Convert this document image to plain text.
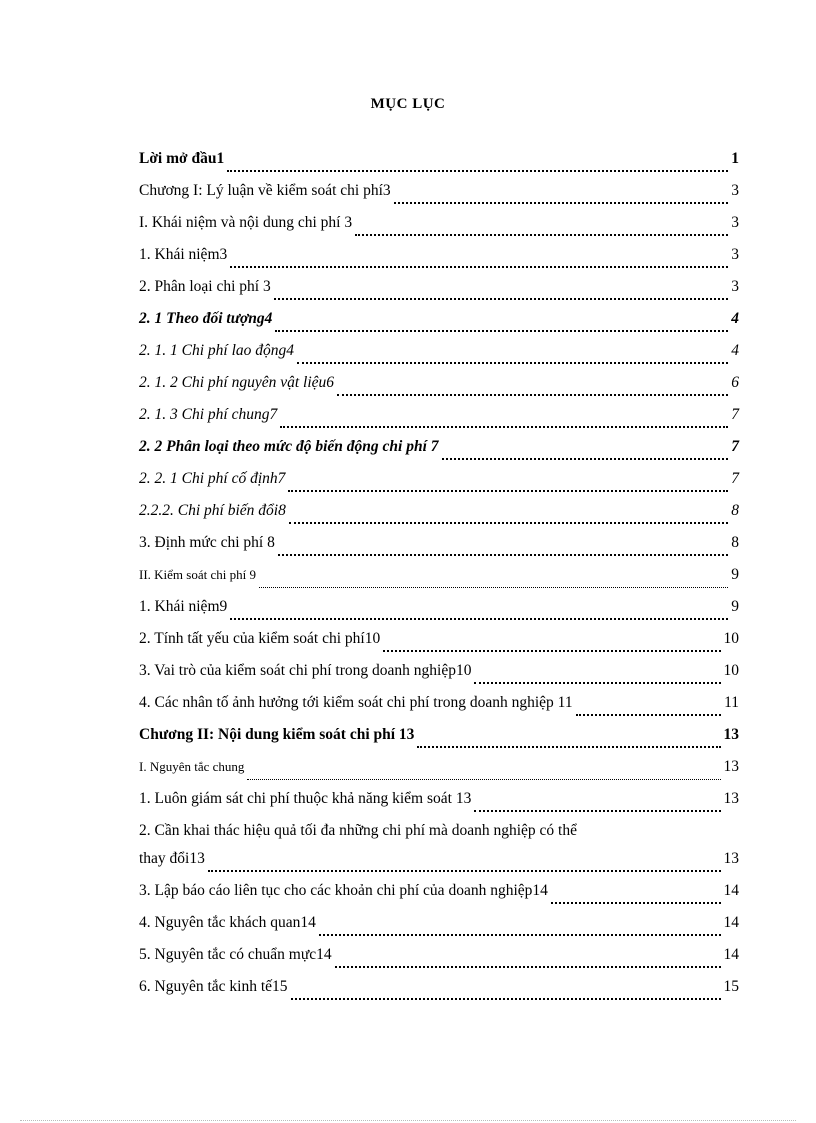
MỤC LỤC
Lời mở đầu1	1
Chương I: Lý luận về kiểm soát chi phí3	3
I. Khái niệm và nội dung chi phí 3	3
1. Khái niệm3	3
2. Phân loại chi phí 3	3
2. 1 Theo đối tượng4	4
2. 1. 1 Chi phí lao động4	4
2. 1. 2 Chi phí nguyên vật liệu6	6
2. 1. 3 Chi phí chung7	7
2. 2 Phân loại theo mức độ biến động chi phí 7	7
2. 2. 1 Chi phí cố định7	7
2.2.2. Chi phí biến đổi8	8
3. Định mức chi phí 8	8
II. Kiểm soát chi phí 9	9
1. Khái niệm9	9
2. Tính tất yếu của kiểm soát chi phí10	10
3. Vai trò của kiểm soát chi phí trong doanh nghiệp10	10
4. Các nhân tố ảnh hưởng tới kiểm soát chi phí trong doanh nghiệp 11	11
Chương II: Nội dung kiểm soát chi phí 13	13
I. Nguyên tắc chung	13
1. Luôn giám sát chi phí thuộc khả năng kiểm soát 13	13
2. Cần khai thác hiệu quả tối đa những chi phí mà doanh nghiệp có thể
thay đổi13	13
3. Lập báo cáo liên tục cho các khoản chi phí của doanh nghiệp14	14
4. Nguyên tắc khách quan14	14
5. Nguyên tắc có chuẩn mực14	14
6. Nguyên tắc kinh tế15	15
